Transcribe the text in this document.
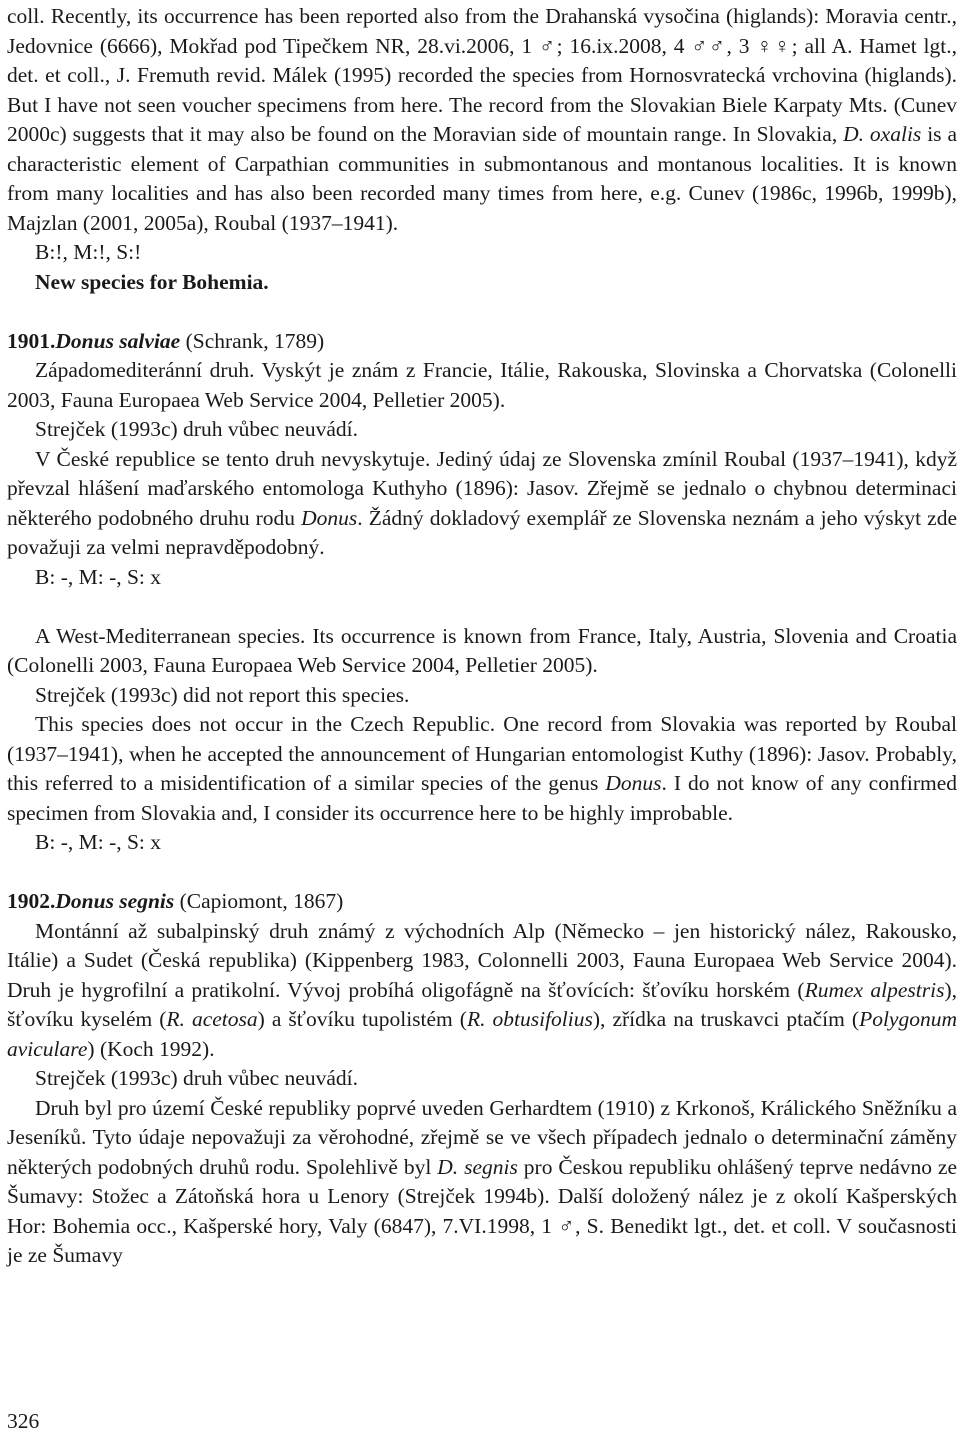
coll. Recently, its occurrence has been reported also from the Drahanská vysočina (higlands): Moravia centr., Jedovnice (6666), Mokřad pod Tipečkem NR, 28.vi.2006, 1 ♂; 16.ix.2008, 4 ♂♂, 3 ♀♀; all A. Hamet lgt., det. et coll., J. Fremuth revid. Málek (1995) recorded the species from Hornosvratecká vrchovina (higlands). But I have not seen voucher specimens from here. The record from the Slovakian Biele Karpaty Mts. (Cunev 2000c) suggests that it may also be found on the Moravian side of mountain range. In Slovakia, D. oxalis is a characteristic element of Carpathian communities in submontanous and montanous localities. It is known from many localities and has also been recorded many times from here, e.g. Cunev (1986c, 1996b, 1999b), Majzlan (2001, 2005a), Roubal (1937–1941).

B:!, M:!, S:!

New species for Bohemia.

1901.Donus salviae (Schrank, 1789)

Západomediteránní druh. Vyskýt je znám z Francie, Itálie, Rakouska, Slovinska a Chorvatska (Colonelli 2003, Fauna Europaea Web Service 2004, Pelletier 2005).

Strejček (1993c) druh vůbec neuvádí.

V České republice se tento druh nevyskytuje. Jediný údaj ze Slovenska zmínil Roubal (1937–1941), když převzal hlášení maďarského entomologa Kuthyho (1896): Jasov. Zřejmě se jednalo o chybnou determinaci některého podobného druhu rodu Donus. Žádný dokladový exemplář ze Slovenska neznám a jeho výskyt zde považuji za velmi nepravděpodobný.

B: -, M: -, S: x

A West-Mediterranean species. Its occurrence is known from France, Italy, Austria, Slovenia and Croatia (Colonelli 2003, Fauna Europaea Web Service 2004, Pelletier 2005).

Strejček (1993c) did not report this species.

This species does not occur in the Czech Republic. One record from Slovakia was reported by Roubal (1937–1941), when he accepted the announcement of Hungarian entomologist Kuthy (1896): Jasov. Probably, this referred to a misidentification of a similar species of the genus Donus. I do not know of any confirmed specimen from Slovakia and, I consider its occurrence here to be highly improbable.

B: -, M: -, S: x

1902.Donus segnis (Capiomont, 1867)

Montánní až subalpinský druh známý z východních Alp (Německo – jen historický nález, Rakousko, Itálie) a Sudet (Česká republika) (Kippenberg 1983, Colonnelli 2003, Fauna Europaea Web Service 2004). Druh je hygrofilní a pratikolní. Vývoj probíhá oligofágně na šťovících: šťovíku horském (Rumex alpestris), šťovíku kyselém (R. acetosa) a šťovíku tupolistém (R. obtusifolius), zřídka na truskavci ptačím (Polygonum aviculare) (Koch 1992).

Strejček (1993c) druh vůbec neuvádí.

Druh byl pro území České republiky poprvé uveden Gerhardtem (1910) z Krkonoš, Králického Sněžníku a Jeseníků. Tyto údaje nepovažuji za věrohodné, zřejmě se ve všech případech jednalo o determinační záměny některých podobných druhů rodu. Spolehlivě byl D. segnis pro Českou republiku ohlášený teprve nedávno ze Šumavy: Stožec a Zátoňská hora u Lenory (Strejček 1994b). Další doložený nález je z okolí Kašperských Hor: Bohemia occ., Kašperské hory, Valy (6847), 7.VI.1998, 1 ♂, S. Benedikt lgt., det. et coll. V současnosti je ze Šumavy

326
